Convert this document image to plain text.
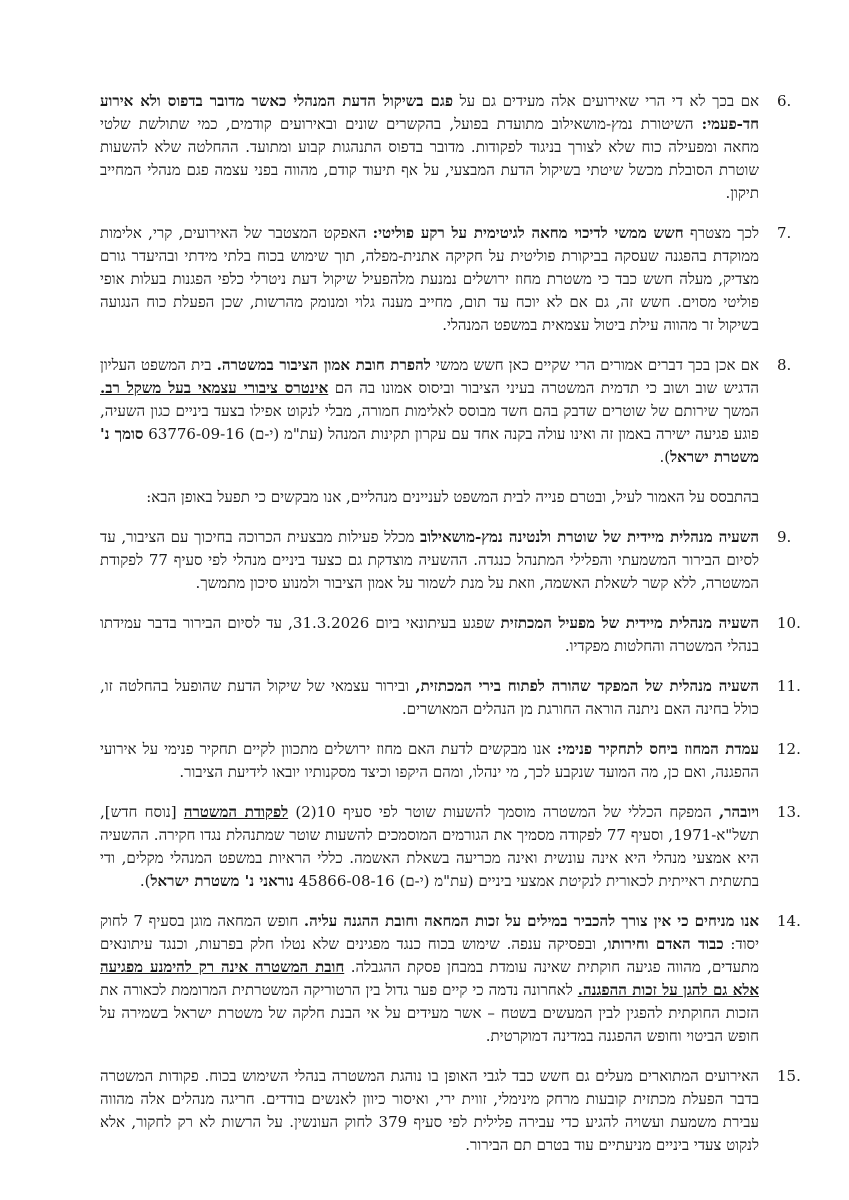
6.
אם בכך לא די הרי שאירועים אלה מעידים גם על פגם בשיקול הדעת המנהלי כאשר מדובר בדפוס ולא אירוע חד-פעמי: השיטורת נמץ-מושאילוב מתועדת בפועל, בהקשרים שונים ובאירועים קודמים, כמי שתולשת שלטי מחאה ומפעילה כוח שלא לצורך בניגוד לפקודות. מדובר בדפוס התנהגות קבוע ומתועד. ההחלטה שלא להשעות שוטרת הסובלת מכשל שיטתי בשיקול הדעת המבצעי, על אף תיעוד קודם, מהווה בפני עצמה פגם מנהלי המחייב תיקון.
7.
לכך מצטרף חשש ממשי לדיכוי מחאה לגיטימית על רקע פוליטי: האפקט המצטבר של האירועים, קרי, אלימות ממוקדת בהפגנה שעסקה בביקורת פוליטית על חקיקה אתנית-מפלה, תוך שימוש בכוח בלתי מידתי ובהיעדר גורם מצדיק, מעלה חשש כבד כי משטרת מחוז ירושלים נמנעת מלהפעיל שיקול דעת ניטרלי כלפי הפגנות בעלות אופי פוליטי מסוים. חשש זה, גם אם לא יוכח עד תום, מחייב מענה גלוי ומנומק מהרשות, שכן הפעלת כוח הנגועה בשיקול זר מהווה עילת ביטול עצמאית במשפט המנהלי.
8.
אם אכן בכך דברים אמורים הרי שקיים כאן חשש ממשי להפרת חובת אמון הציבור במשטרה. בית המשפט העליון הדגיש שוב ושוב כי תדמית המשטרה בעיני הציבור וביסוס אמונו בה הם אינטרס ציבורי עצמאי בעל משקל רב. המשך שירותם של שוטרים שדבק בהם חשד מבוסס לאלימות חמורה, מבלי לנקוט אפילו בצעד ביניים כגון השעיה, פוגע פגיעה ישירה באמון זה ואינו עולה בקנה אחד עם עקרון תקינות המנהל (עת"מ (י-ם) 63776-09-16 סומך נ' משטרת ישראל).

בהתבסס על האמור לעיל, ובטרם פנייה לבית המשפט לעניינים מנהליים, אנו מבקשים כי תפעל באופן הבא:

9.
השעיה מנהלית מיידית של שוטרת ולנטינה נמץ-מושאילוב מכלל פעילות מבצעית הכרוכה בחיכוך עם הציבור, עד לסיום הבירור המשמעתי והפלילי המתנהל כנגדה. ההשעיה מוצדקת גם כצעד ביניים מנהלי לפי סעיף 77 לפקודת המשטרה, ללא קשר לשאלת האשמה, וזאת על מנת לשמור על אמון הציבור ולמנוע סיכון מתמשך.
10.
השעיה מנהלית מיידית של מפעיל המכתזית שפגע בעיתונאי ביום 31.3.2026, עד לסיום הבירור בדבר עמידתו בנהלי המשטרה והחלטות מפקדיו.
11.
השעיה מנהלית של המפקד שהורה לפתוח בירי המכתזית, ובירור עצמאי של שיקול הדעת שהופעל בהחלטה זו, כולל בחינה האם ניתנה הוראה החורגת מן הנהלים המאושרים.
12.
עמדת המחוז ביחס לתחקיר פנימי: אנו מבקשים לדעת האם מחוז ירושלים מתכוון לקיים תחקיר פנימי על אירועי ההפגנה, ואם כן, מה המועד שנקבע לכך, מי ינהלו, ומהם היקפו וכיצד מסקנותיו יובאו לידיעת הציבור.
13.
ויובהר, המפקח הכללי של המשטרה מוסמך להשעות שוטר לפי סעיף 10(2) לפקודת המשטרה [נוסח חדש], תשל"א-1971, וסעיף 77 לפקודה מסמיך את הגורמים המוסמכים להשעות שוטר שמתנהלת נגדו חקירה. ההשעיה היא אמצעי מנהלי היא אינה עונשית ואינה מכריעה בשאלת האשמה. כללי הראיות במשפט המנהלי מקלים, ודי בתשתית ראייתית לכאורית לנקיטת אמצעי ביניים (עת"מ (י-ם) 45866-08-16 נוראני נ' משטרת ישראל).
14.
אנו מניחים כי אין צורך להכביר במילים על זכות המחאה וחובת ההגנה עליה. חופש המחאה מוגן בסעיף 7 לחוק יסוד: כבוד האדם וחירותו, ובפסיקה ענפה. שימוש בכוח כנגד מפגינים שלא נטלו חלק בפרעות, וכנגד עיתונאים מתעדים, מהווה פגיעה חוקתית שאינה עומדת במבחן פסקת ההגבלה. חובת המשטרה אינה רק להימנע מפגיעה אלא גם להגן על זכות ההפגנה. לאחרונה נדמה כי קיים פער גדול בין הרטוריקה המשטרתית המרוממת לכאורה את הזכות החוקתית להפגין לבין המעשים בשטח – אשר מעידים על אי הבנת חלקה של משטרת ישראל בשמירה על חופש הביטוי וחופש ההפגנה במדינה דמוקרטית.
15.
האירועים המתוארים מעלים גם חשש כבד לגבי האופן בו נוהגת המשטרה בנהלי השימוש בכוח. פקודות המשטרה בדבר הפעלת מכתזית קובעות מרחק מינימלי, זווית ירי, ואיסור כיוון לאנשים בודדים. חריגה מנהלים אלה מהווה עבירת משמעת ועשויה להגיע כדי עבירה פלילית לפי סעיף 379 לחוק העונשין. על הרשות לא רק לחקור, אלא לנקוט צעדי ביניים מניעתיים עוד בטרם תם הבירור.
